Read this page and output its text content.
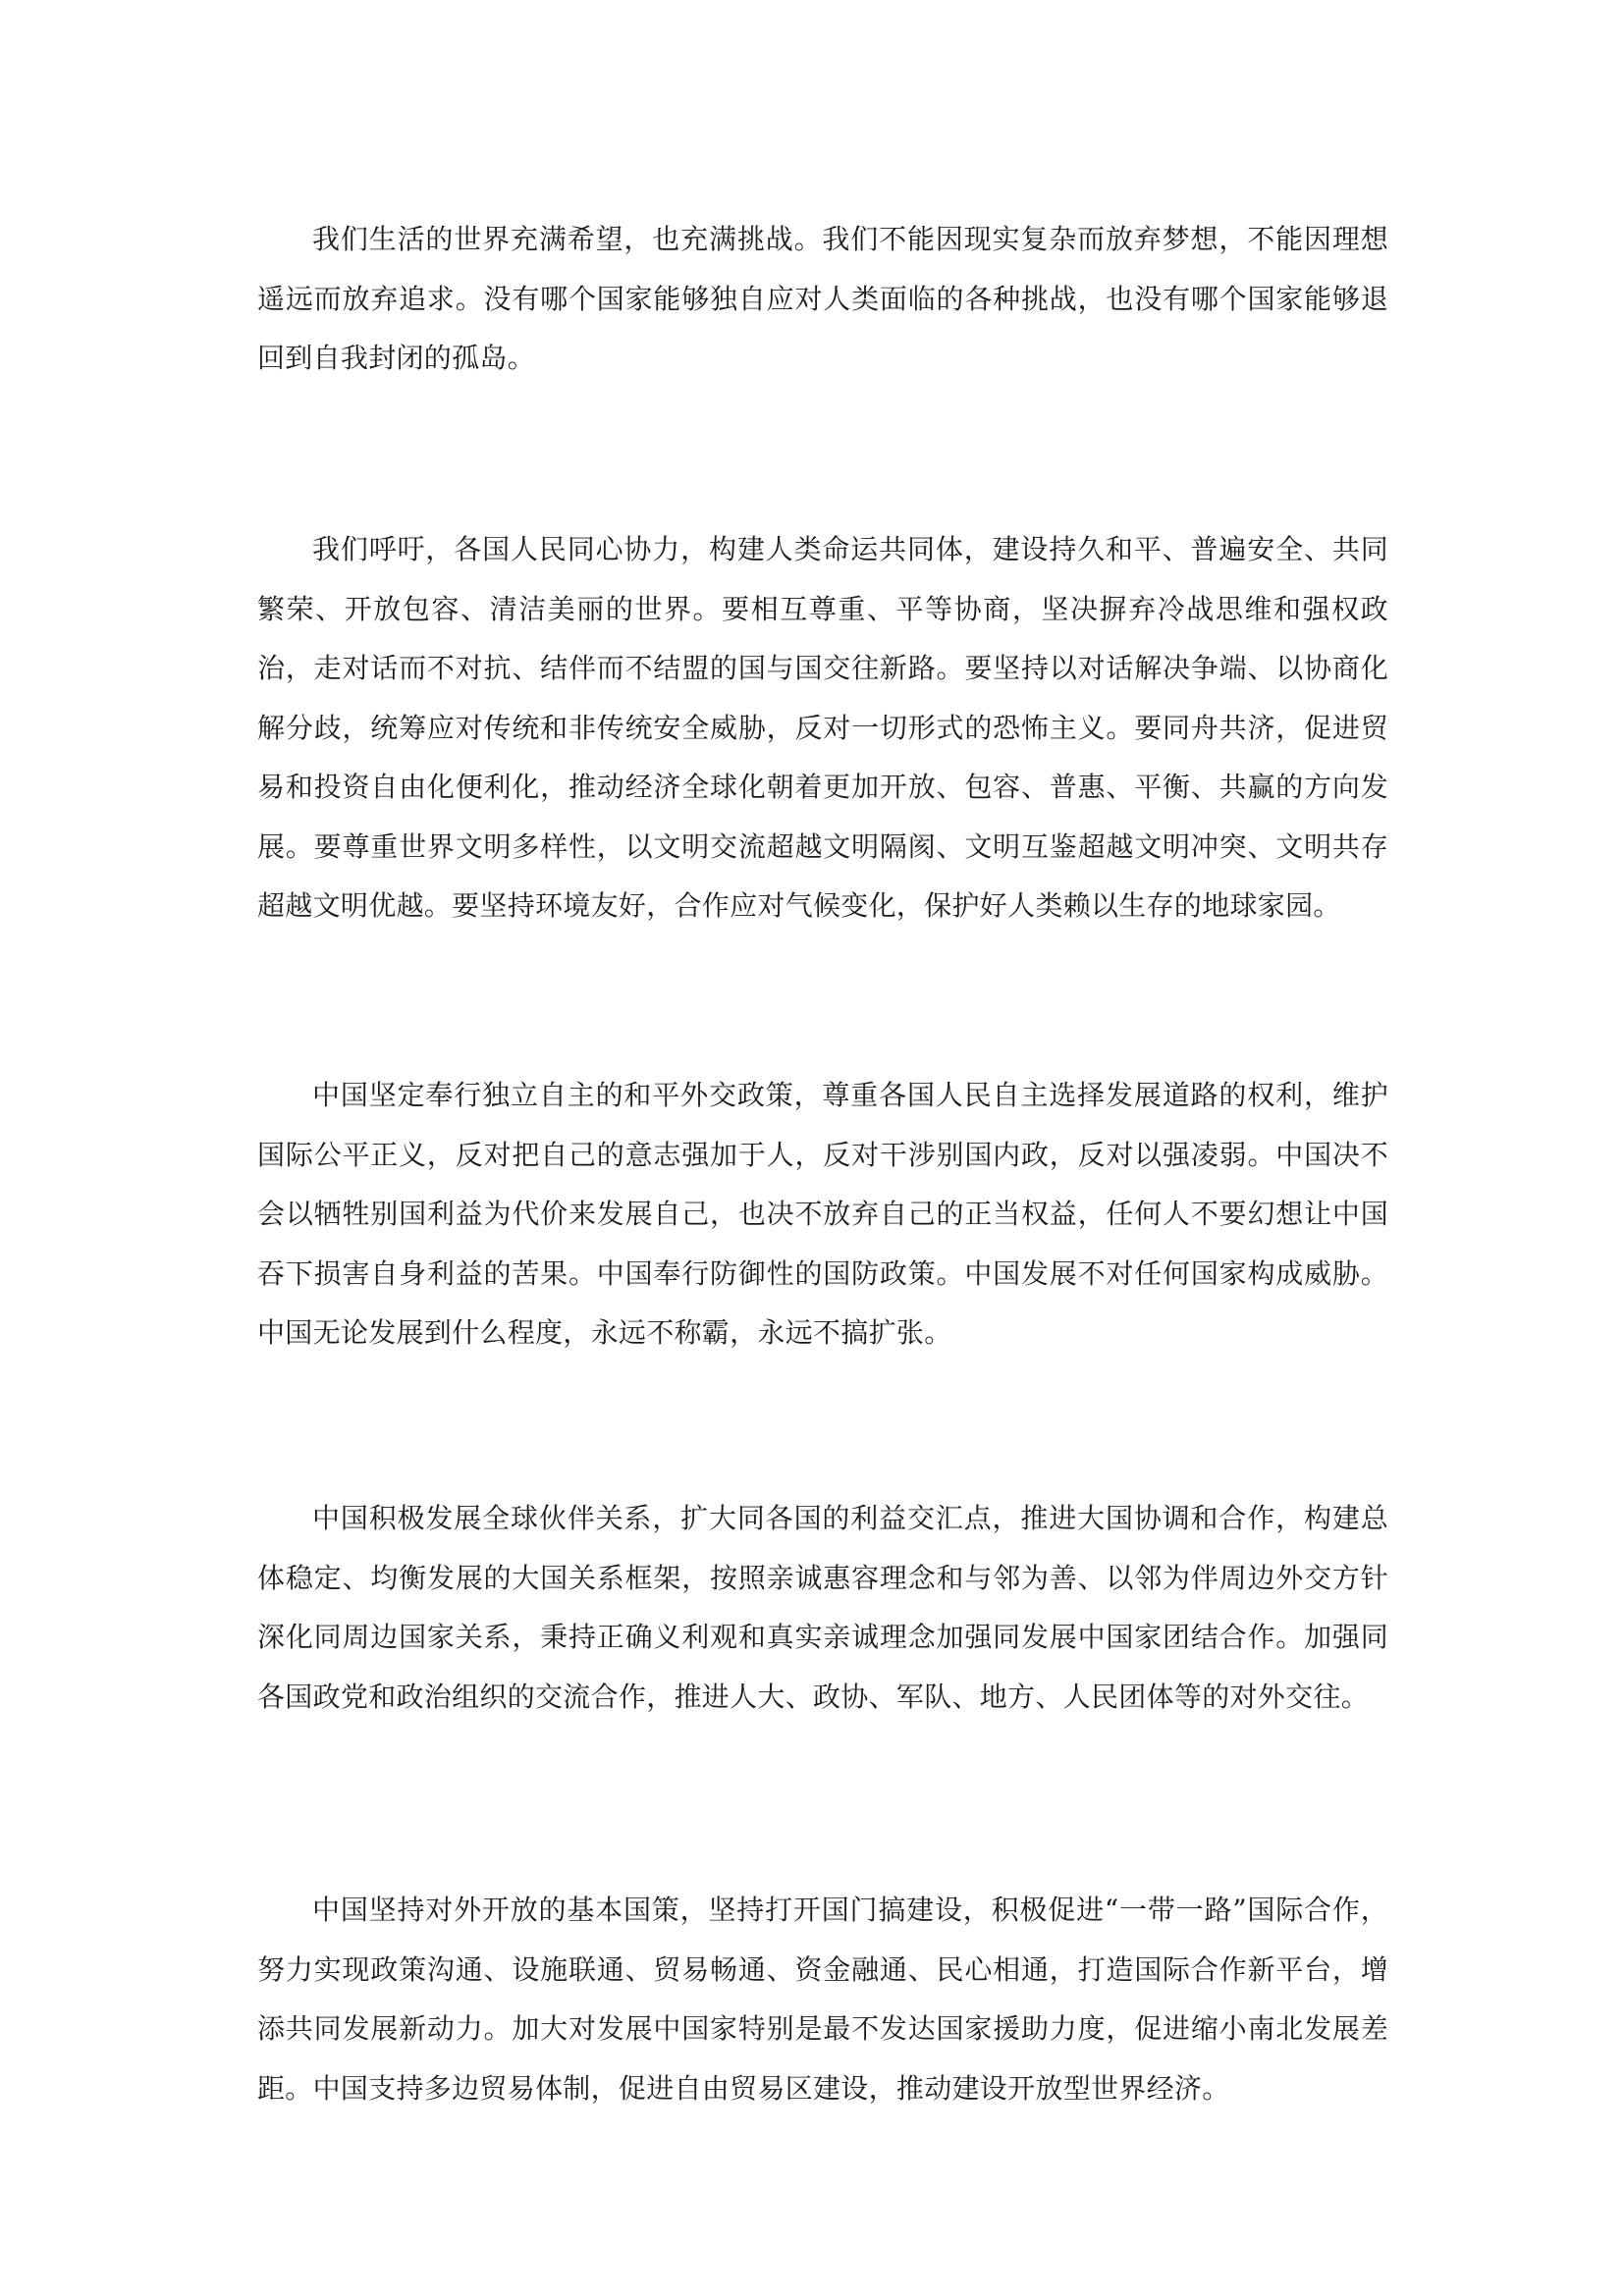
我们生活的世界充满希望，也充满挑战。我们不能因现实复杂而放弃梦想，不能因理想遥远而放弃追求。没有哪个国家能够独自应对人类面临的各种挑战，也没有哪个国家能够退回到自我封闭的孤岛。

我们呼吁，各国人民同心协力，构建人类命运共同体，建设持久和平、普遍安全、共同繁荣、开放包容、清洁美丽的世界。要相互尊重、平等协商，坚决摒弃冷战思维和强权政治，走对话而不对抗、结伴而不结盟的国与国交往新路。要坚持以对话解决争端、以协商化解分歧，统筹应对传统和非传统安全威胁，反对一切形式的恐怖主义。要同舟共济，促进贸易和投资自由化便利化，推动经济全球化朝着更加开放、包容、普惠、平衡、共赢的方向发展。要尊重世界文明多样性，以文明交流超越文明隔阂、文明互鉴超越文明冲突、文明共存超越文明优越。要坚持环境友好，合作应对气候变化，保护好人类赖以生存的地球家园。

中国坚定奉行独立自主的和平外交政策，尊重各国人民自主选择发展道路的权利，维护国际公平正义，反对把自己的意志强加于人，反对干涉别国内政，反对以强凌弱。中国决不会以牺牲别国利益为代价来发展自己，也决不放弃自己的正当权益，任何人不要幻想让中国吞下损害自身利益的苦果。中国奉行防御性的国防政策。中国发展不对任何国家构成威胁。中国无论发展到什么程度，永远不称霸，永远不搞扩张。

中国积极发展全球伙伴关系，扩大同各国的利益交汇点，推进大国协调和合作，构建总体稳定、均衡发展的大国关系框架，按照亲诚惠容理念和与邻为善、以邻为伴周边外交方针深化同周边国家关系，秉持正确义利观和真实亲诚理念加强同发展中国家团结合作。加强同各国政党和政治组织的交流合作，推进人大、政协、军队、地方、人民团体等的对外交往。

中国坚持对外开放的基本国策，坚持打开国门搞建设，积极促进“一带一路”国际合作，努力实现政策沟通、设施联通、贸易畅通、资金融通、民心相通，打造国际合作新平台，增添共同发展新动力。加大对发展中国家特别是最不发达国家援助力度，促进缩小南北发展差距。中国支持多边贸易体制，促进自由贸易区建设，推动建设开放型世界经济。
